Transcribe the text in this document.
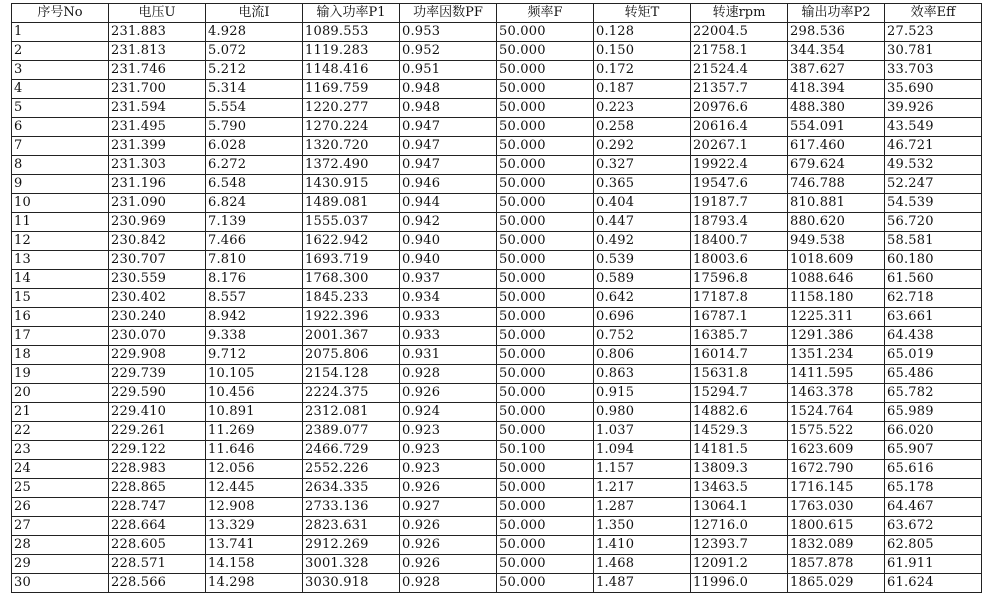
序号No	电压U	电流I	输入功率P1	功率因数PF	频率F	转矩T	转速rpm	输出功率P2	效率Eff
1	231.883	4.928	1089.553	0.953	50.000	0.128	22004.5	298.536	27.523
2	231.813	5.072	1119.283	0.952	50.000	0.150	21758.1	344.354	30.781
3	231.746	5.212	1148.416	0.951	50.000	0.172	21524.4	387.627	33.703
4	231.700	5.314	1169.759	0.948	50.000	0.187	21357.7	418.394	35.690
5	231.594	5.554	1220.277	0.948	50.000	0.223	20976.6	488.380	39.926
6	231.495	5.790	1270.224	0.947	50.000	0.258	20616.4	554.091	43.549
7	231.399	6.028	1320.720	0.947	50.000	0.292	20267.1	617.460	46.721
8	231.303	6.272	1372.490	0.947	50.000	0.327	19922.4	679.624	49.532
9	231.196	6.548	1430.915	0.946	50.000	0.365	19547.6	746.788	52.247
10	231.090	6.824	1489.081	0.944	50.000	0.404	19187.7	810.881	54.539
11	230.969	7.139	1555.037	0.942	50.000	0.447	18793.4	880.620	56.720
12	230.842	7.466	1622.942	0.940	50.000	0.492	18400.7	949.538	58.581
13	230.707	7.810	1693.719	0.940	50.000	0.539	18003.6	1018.609	60.180
14	230.559	8.176	1768.300	0.937	50.000	0.589	17596.8	1088.646	61.560
15	230.402	8.557	1845.233	0.934	50.000	0.642	17187.8	1158.180	62.718
16	230.240	8.942	1922.396	0.933	50.000	0.696	16787.1	1225.311	63.661
17	230.070	9.338	2001.367	0.933	50.000	0.752	16385.7	1291.386	64.438
18	229.908	9.712	2075.806	0.931	50.000	0.806	16014.7	1351.234	65.019
19	229.739	10.105	2154.128	0.928	50.000	0.863	15631.8	1411.595	65.486
20	229.590	10.456	2224.375	0.926	50.000	0.915	15294.7	1463.378	65.782
21	229.410	10.891	2312.081	0.924	50.000	0.980	14882.6	1524.764	65.989
22	229.261	11.269	2389.077	0.923	50.000	1.037	14529.3	1575.522	66.020
23	229.122	11.646	2466.729	0.923	50.100	1.094	14181.5	1623.609	65.907
24	228.983	12.056	2552.226	0.923	50.000	1.157	13809.3	1672.790	65.616
25	228.865	12.445	2634.335	0.926	50.000	1.217	13463.5	1716.145	65.178
26	228.747	12.908	2733.136	0.927	50.000	1.287	13064.1	1763.030	64.467
27	228.664	13.329	2823.631	0.926	50.000	1.350	12716.0	1800.615	63.672
28	228.605	13.741	2912.269	0.926	50.000	1.410	12393.7	1832.089	62.805
29	228.571	14.158	3001.328	0.926	50.000	1.468	12091.2	1857.878	61.911
30	228.566	14.298	3030.918	0.928	50.000	1.487	11996.0	1865.029	61.624
